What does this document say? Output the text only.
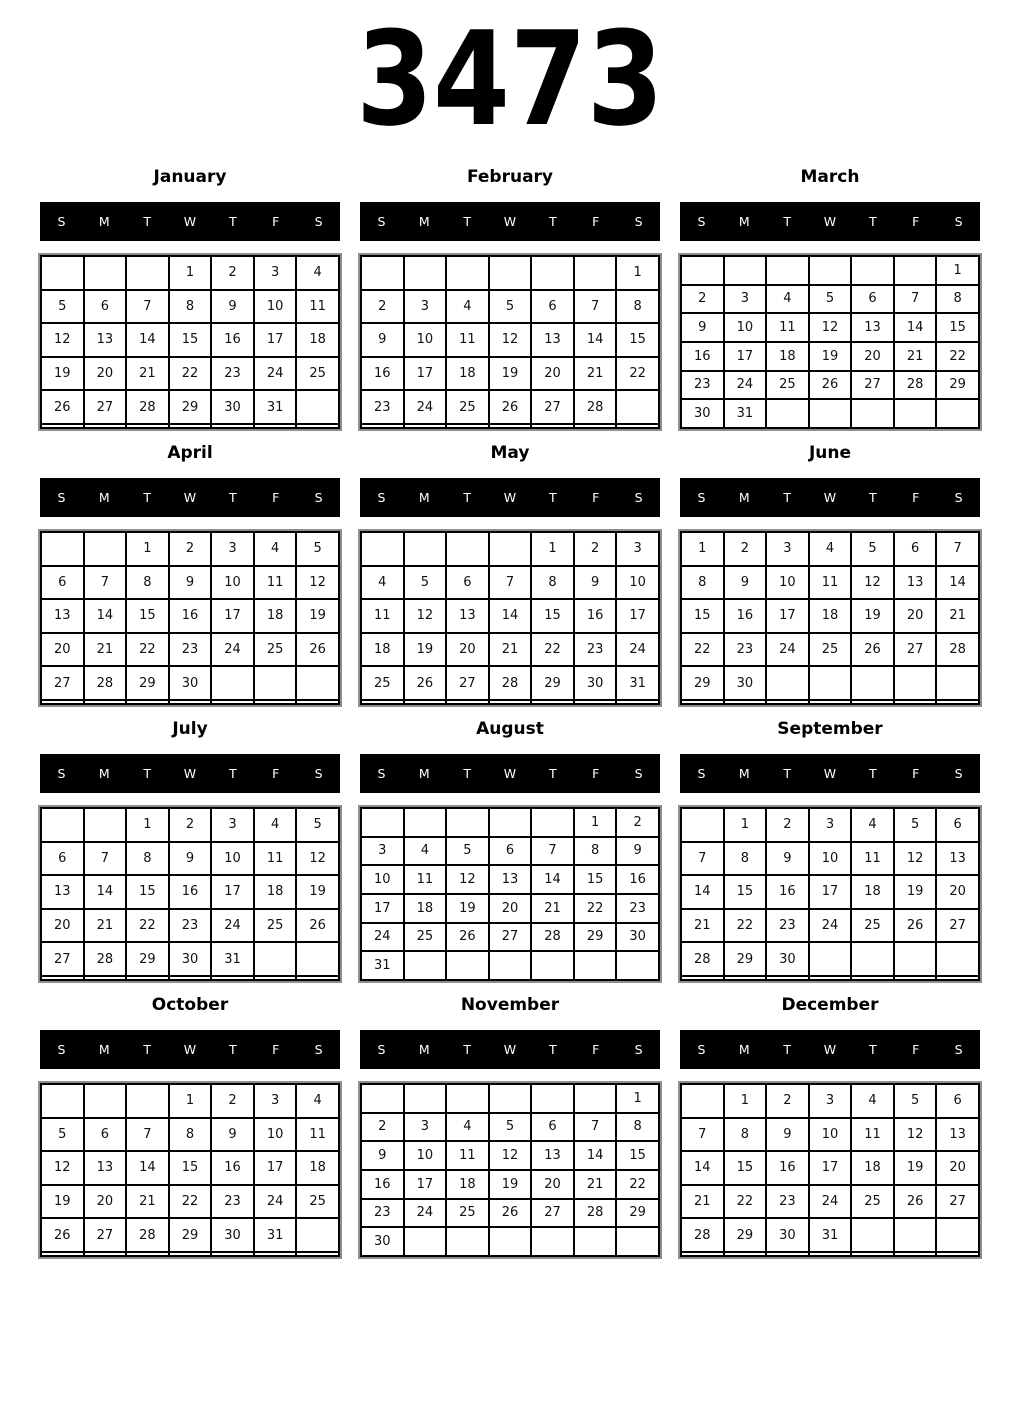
3473
January
S	M	T	W	T	F	S
			1	2	3	4
5	6	7	8	9	10	11
12	13	14	15	16	17	18
19	20	21	22	23	24	25
26	27	28	29	30	31	

February
S	M	T	W	T	F	S
						1
2	3	4	5	6	7	8
9	10	11	12	13	14	15
16	17	18	19	20	21	22
23	24	25	26	27	28	

March
S	M	T	W	T	F	S
						1
2	3	4	5	6	7	8
9	10	11	12	13	14	15
16	17	18	19	20	21	22
23	24	25	26	27	28	29
30	31					
April
S	M	T	W	T	F	S
		1	2	3	4	5
6	7	8	9	10	11	12
13	14	15	16	17	18	19
20	21	22	23	24	25	26
27	28	29	30			

May
S	M	T	W	T	F	S
				1	2	3
4	5	6	7	8	9	10
11	12	13	14	15	16	17
18	19	20	21	22	23	24
25	26	27	28	29	30	31

June
S	M	T	W	T	F	S
1	2	3	4	5	6	7
8	9	10	11	12	13	14
15	16	17	18	19	20	21
22	23	24	25	26	27	28
29	30					

July
S	M	T	W	T	F	S
		1	2	3	4	5
6	7	8	9	10	11	12
13	14	15	16	17	18	19
20	21	22	23	24	25	26
27	28	29	30	31		

August
S	M	T	W	T	F	S
					1	2
3	4	5	6	7	8	9
10	11	12	13	14	15	16
17	18	19	20	21	22	23
24	25	26	27	28	29	30
31						
September
S	M	T	W	T	F	S
	1	2	3	4	5	6
7	8	9	10	11	12	13
14	15	16	17	18	19	20
21	22	23	24	25	26	27
28	29	30				

October
S	M	T	W	T	F	S
			1	2	3	4
5	6	7	8	9	10	11
12	13	14	15	16	17	18
19	20	21	22	23	24	25
26	27	28	29	30	31	

November
S	M	T	W	T	F	S
						1
2	3	4	5	6	7	8
9	10	11	12	13	14	15
16	17	18	19	20	21	22
23	24	25	26	27	28	29
30						
December
S	M	T	W	T	F	S
	1	2	3	4	5	6
7	8	9	10	11	12	13
14	15	16	17	18	19	20
21	22	23	24	25	26	27
28	29	30	31			
